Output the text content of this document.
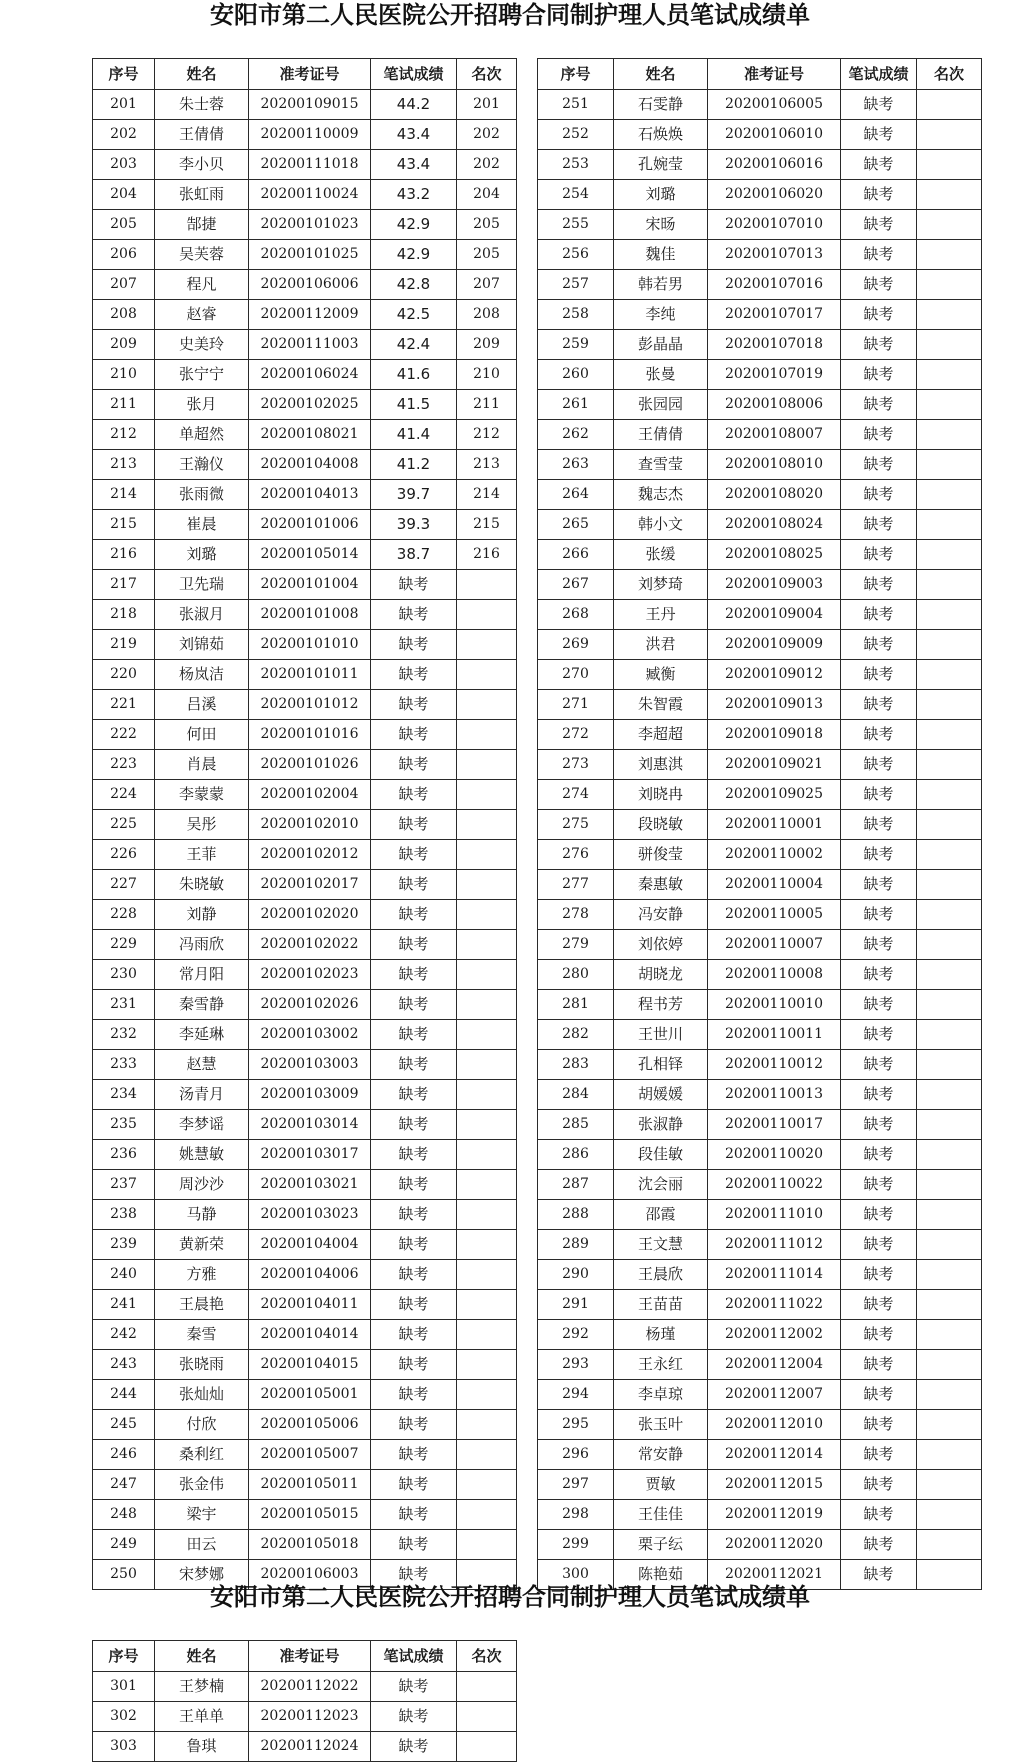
安阳市第二人民医院公开招聘合同制护理人员笔试成绩单
序号	姓名	准考证号	笔试成绩	名次
201	朱士蓉	20200109015	44.2	201
202	王倩倩	20200110009	43.4	202
203	李小贝	20200111018	43.4	202
204	张虹雨	20200110024	43.2	204
205	郜捷	20200101023	42.9	205
206	吴芙蓉	20200101025	42.9	205
207	程凡	20200106006	42.8	207
208	赵睿	20200112009	42.5	208
209	史美玲	20200111003	42.4	209
210	张宁宁	20200106024	41.6	210
211	张月	20200102025	41.5	211
212	单超然	20200108021	41.4	212
213	王瀚仪	20200104008	41.2	213
214	张雨微	20200104013	39.7	214
215	崔晨	20200101006	39.3	215
216	刘璐	20200105014	38.7	216
217	卫先瑞	20200101004	缺考	
218	张淑月	20200101008	缺考	
219	刘锦茹	20200101010	缺考	
220	杨岚洁	20200101011	缺考	
221	吕溪	20200101012	缺考	
222	何田	20200101016	缺考	
223	肖晨	20200101026	缺考	
224	李蒙蒙	20200102004	缺考	
225	吴彤	20200102010	缺考	
226	王菲	20200102012	缺考	
227	朱晓敏	20200102017	缺考	
228	刘静	20200102020	缺考	
229	冯雨欣	20200102022	缺考	
230	常月阳	20200102023	缺考	
231	秦雪静	20200102026	缺考	
232	李延琳	20200103002	缺考	
233	赵慧	20200103003	缺考	
234	汤青月	20200103009	缺考	
235	李梦谣	20200103014	缺考	
236	姚慧敏	20200103017	缺考	
237	周沙沙	20200103021	缺考	
238	马静	20200103023	缺考	
239	黄新荣	20200104004	缺考	
240	方雅	20200104006	缺考	
241	王晨艳	20200104011	缺考	
242	秦雪	20200104014	缺考	
243	张晓雨	20200104015	缺考	
244	张灿灿	20200105001	缺考	
245	付欣	20200105006	缺考	
246	桑利红	20200105007	缺考	
247	张金伟	20200105011	缺考	
248	梁宇	20200105015	缺考	
249	田云	20200105018	缺考	
250	宋梦娜	20200106003	缺考	
序号	姓名	准考证号	笔试成绩	名次
251	石雯静	20200106005	缺考	
252	石焕焕	20200106010	缺考	
253	孔婉莹	20200106016	缺考	
254	刘璐	20200106020	缺考	
255	宋旸	20200107010	缺考	
256	魏佳	20200107013	缺考	
257	韩若男	20200107016	缺考	
258	李纯	20200107017	缺考	
259	彭晶晶	20200107018	缺考	
260	张曼	20200107019	缺考	
261	张园园	20200108006	缺考	
262	王倩倩	20200108007	缺考	
263	查雪莹	20200108010	缺考	
264	魏志杰	20200108020	缺考	
265	韩小文	20200108024	缺考	
266	张缓	20200108025	缺考	
267	刘梦琦	20200109003	缺考	
268	王丹	20200109004	缺考	
269	洪君	20200109009	缺考	
270	臧衡	20200109012	缺考	
271	朱智霞	20200109013	缺考	
272	李超超	20200109018	缺考	
273	刘惠淇	20200109021	缺考	
274	刘晓冉	20200109025	缺考	
275	段晓敏	20200110001	缺考	
276	骈俊莹	20200110002	缺考	
277	秦惠敏	20200110004	缺考	
278	冯安静	20200110005	缺考	
279	刘依婷	20200110007	缺考	
280	胡晓龙	20200110008	缺考	
281	程书芳	20200110010	缺考	
282	王世川	20200110011	缺考	
283	孔相铎	20200110012	缺考	
284	胡媛媛	20200110013	缺考	
285	张淑静	20200110017	缺考	
286	段佳敏	20200110020	缺考	
287	沈会丽	20200110022	缺考	
288	邵霞	20200111010	缺考	
289	王文慧	20200111012	缺考	
290	王晨欣	20200111014	缺考	
291	王苗苗	20200111022	缺考	
292	杨瑾	20200112002	缺考	
293	王永红	20200112004	缺考	
294	李卓琼	20200112007	缺考	
295	张玉叶	20200112010	缺考	
296	常安静	20200112014	缺考	
297	贾敏	20200112015	缺考	
298	王佳佳	20200112019	缺考	
299	栗子纭	20200112020	缺考	
300	陈艳茹	20200112021	缺考	
安阳市第二人民医院公开招聘合同制护理人员笔试成绩单
序号	姓名	准考证号	笔试成绩	名次
301	王梦楠	20200112022	缺考	
302	王单单	20200112023	缺考	
303	鲁琪	20200112024	缺考	
